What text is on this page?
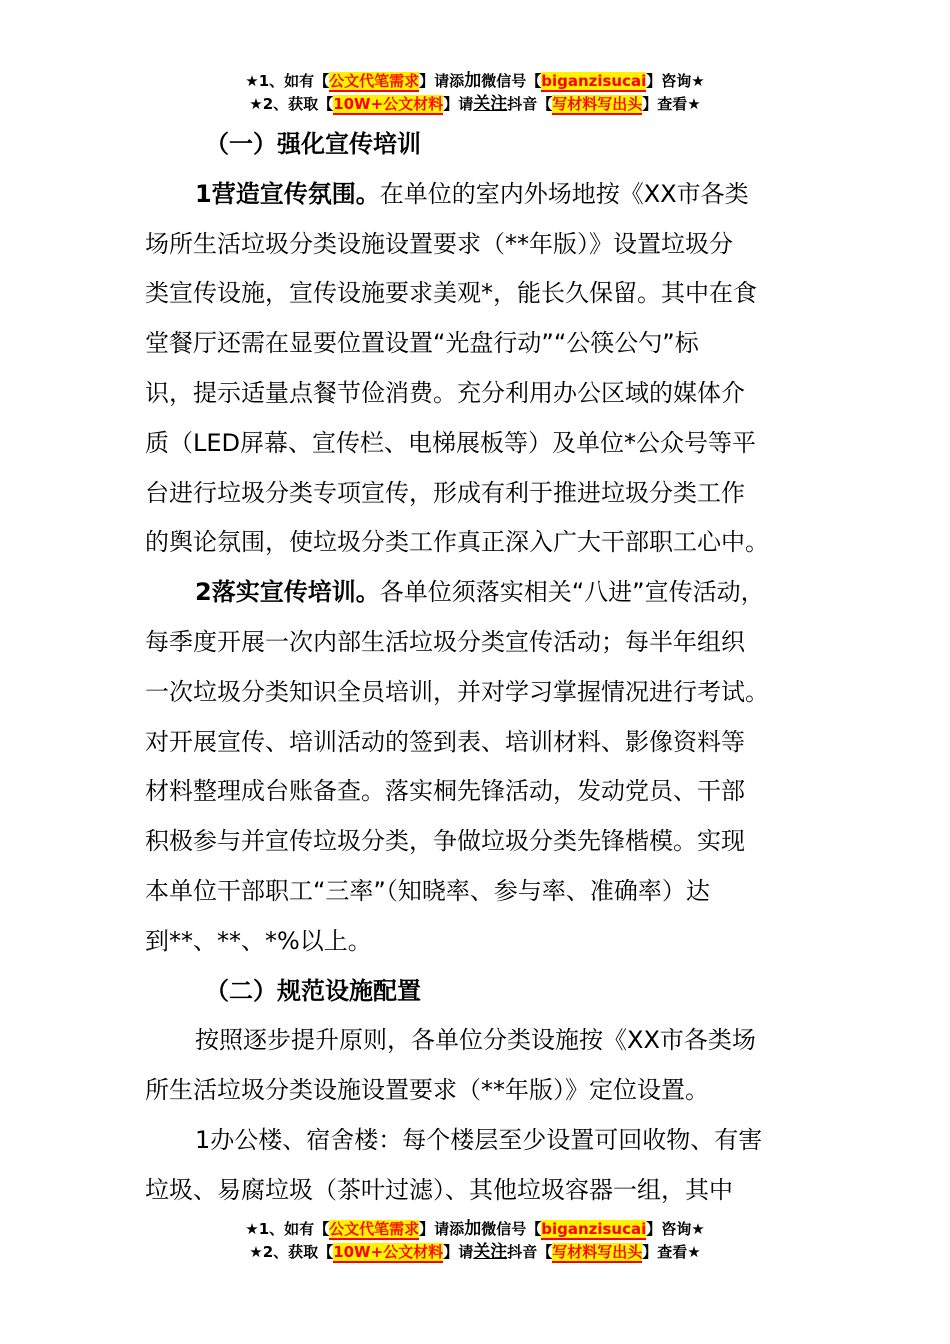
★1、如有【公文代笔需求】请添加微信号【biganzisucai】咨询★
★2、获取【10W+公文材料】请关注抖音【写材料写出头】查看★

（一）强化宣传培训

1营造宣传氛围。在单位的室内外场地按《XX市各类
场所生活垃圾分类设施设置要求（**年版）》设置垃圾分
类宣传设施，宣传设施要求美观*，能长久保留。其中在食
堂餐厅还需在显要位置设置“光盘行动”“公筷公勺”标
识，提示适量点餐节俭消费。充分利用办公区域的媒体介
质（LED屏幕、宣传栏、电梯展板等）及单位*公众号等平
台进行垃圾分类专项宣传，形成有利于推进垃圾分类工作
的舆论氛围，使垃圾分类工作真正深入广大干部职工心中。
2落实宣传培训。各单位须落实相关“八进”宣传活动，
每季度开展一次内部生活垃圾分类宣传活动；每半年组织
一次垃圾分类知识全员培训，并对学习掌握情况进行考试。
对开展宣传、培训活动的签到表、培训材料、影像资料等
材料整理成台账备查。落实桐先锋活动，发动党员、干部
积极参与并宣传垃圾分类，争做垃圾分类先锋楷模。实现
本单位干部职工“三率”（知晓率、参与率、准确率）达
到**、**、*%以上。

（二）规范设施配置

按照逐步提升原则，各单位分类设施按《XX市各类场
所生活垃圾分类设施设置要求（**年版）》定位设置。
1办公楼、宿舍楼：每个楼层至少设置可回收物、有害
垃圾、易腐垃圾（茶叶过滤）、其他垃圾容器一组，其中
★1、如有【公文代笔需求】请添加微信号【biganzisucai】咨询★
★2、获取【10W+公文材料】请关注抖音【写材料写出头】查看★
